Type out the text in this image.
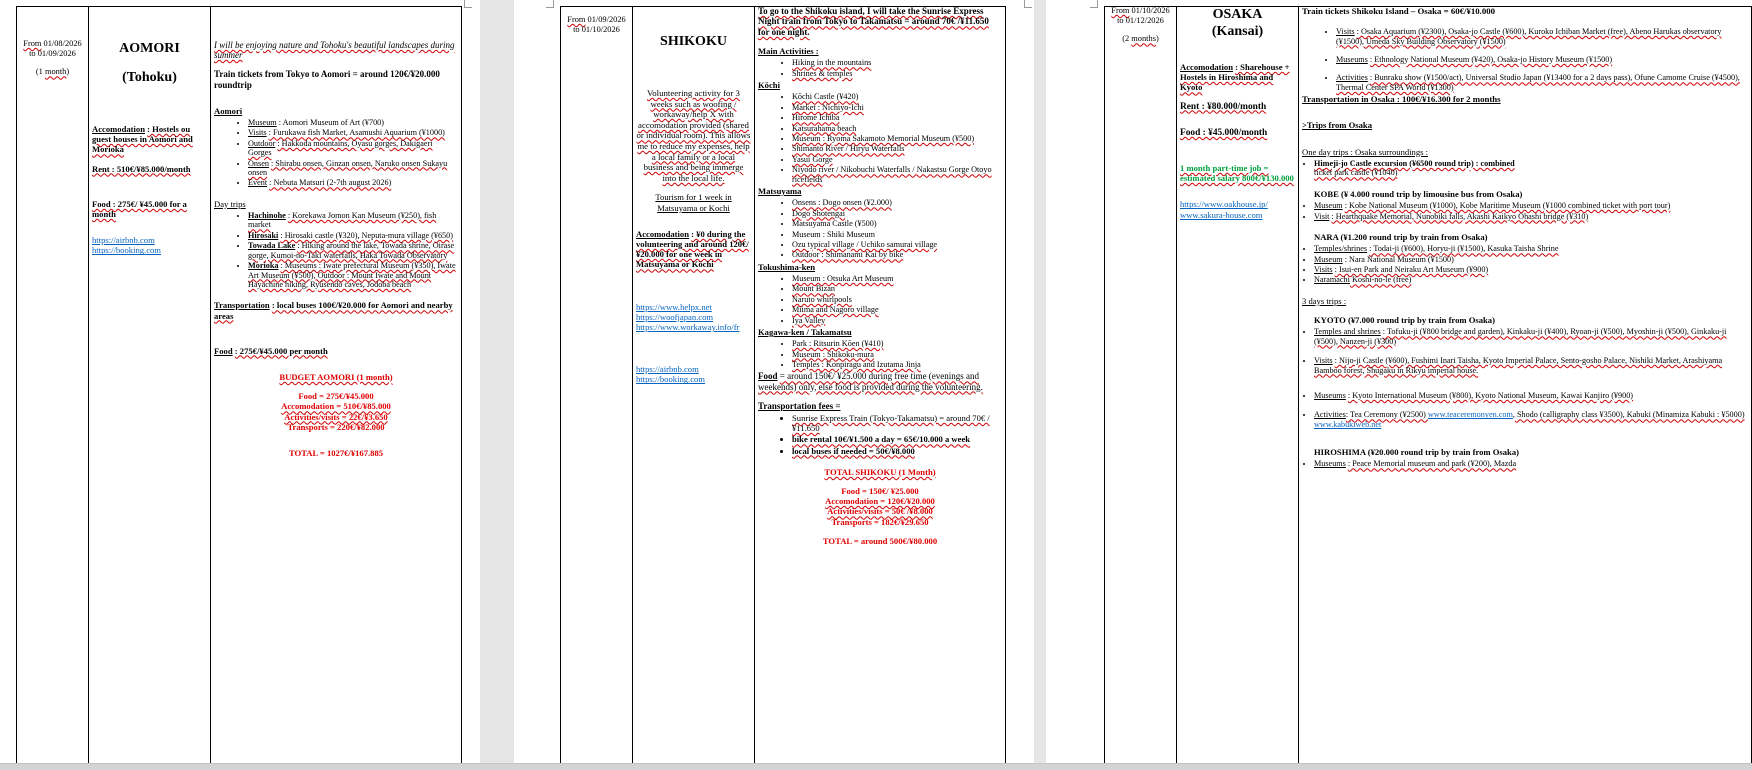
From 01/08/2026

to 01/09/2026

(1 month)

AOMORI
(Tohoku)

Accomodation : Hostels ou guest houses in Aomori and Morioka

Rent : 510€/¥85.000/month

Food : 275€/ ¥45.000 for a month

https://airbnb.com

https://booking.com

I will be enjoying nature and Tohoku's beautiful landscapes during summer

Train tickets from Tokyo to Aomori = around 120€/¥20.000 roundtrip

Aomori

• Museum : Aomori Museum of Art (¥700)
• Visits : Furukawa fish Market, Asamushi Aquarium (¥1000)
• Outdoor : Hakkoda mountains, Oyasu gorges, Dakigaeri Gorges
• Onsen : Shirabu onsen, Ginzan onsen, Naruko onsen Sukayu onsen
• Event : Nebuta Matsuri (2-7th august 2026)

Day trips

• Hachinohe : Korekawa Jomon Kan Museum (¥250), fish market
• Hirosaki : Hirosaki castle (¥320), Neputa-mura village (¥650)
• Towada Lake : Hiking around the lake, Towada shrine, Oirase gorge, Kumoi-no-Taki waterfalls, Haka Towada Observatory
• Morioka : Museums : Iwate prefectural Museum (¥350), Iwate Art Museum (¥500), Outdoor : Mount Iwate and Mount Hayachine hiking, Ryūsendō caves, Jodoba beach

Transportation : local buses 100€/¥20.000 for Aomori and nearby areas

Food : 275€/¥45.000 per month

BUDGET AOMORI (1 month)

Food = 275€/¥45.000

Accomodation = 510€/¥85.000

Activities/visits = 22€/¥3.650

Transports = 220€/¥82.000

TOTAL = 1027€/¥167.885

From 01/09/2026

to 01/10/2026

SHIKOKU

Volunteering activity for 3 weeks such as woofing / workaway/help X with accomodation provided (shared or individual room). This allows me to reduce my expenses, help a local family or a local business and being immerge into the local life.

Tourism for 1 week in Matsuyama or Kochi

Accomodation : ¥0 during the volunteering and around 120€/¥20.000 for one week in Matsuyama or Kōchi

https://www.helpx.net

https://woofjapan.com

https://www.workaway.info/fr

https://airbnb.com

https://booking.com

To go to the Shikoku island, I will take the Sunrise Express Night train from Tokyo to Takamatsu = around 70€ /¥11.650 for one night.

Main Activities :

• Hiking in the mountains
• Shrines & temples

Kōchi

• Kōchi Castle (¥420)
• Market : Nichiyo-Ichi
• Hirome Ichiba
• Katsurahama beach
• Museum : Ryoma Sakamoto Memorial Museum (¥500)
• Shimanto River / Hiryu Waterfalls
• Yasui Gorge
• Niyodo river / Nikobuchi Waterfalls / Nakastsu Gorge Otoyo ricefields

Matsuyama

• Onsens : Dogo onsen (¥2.000)
• Dogo Shotengai
• Matsuyama Castle (¥500)
• Museum : Shiki Museum
• Ozu typical village / Uchiko samurai village
• Outdoor : Shimanami Kai by bike

Tokushima-ken

• Museum : Otsuka Art Museum
• Mount Bizan
• Naruto whirlpools
• Miima and Nagoro village
• Iya Valley

Kagawa-ken / Takamatsu

• Park : Ritsurin Kōen (¥410)
• Museum : Shikoku-mura
• Temples : Konpiragu and Izutama Jinja

Food = around 150€/ ¥25.000 during free time (evenings and weekends) only, else food is provided during the volunteering.

Transportation fees =

• Sunrise Express Train (Tokyo-Takamatsu) = around 70€ /¥11.650
• bike rental 10€/¥1.500 a day = 65€/10.000 a week
• local buses if needed = 50€/¥8.000

TOTAL SHIKOKU (1 Month)

Food = 150€/ ¥25.000

Accomodation = 120€/¥20.000

Activities/visits = 50€ /¥8.000

Transports = 182€/¥29.650

TOTAL = around 500€/¥80.000

From 01/10/2026

to 01/12/2026

(2 months)

OSAKA
(Kansai)

Accomodation : Sharehouse + Hostels in Hiroshima and Kyoto

Rent : ¥80.000/month

Food : ¥45.000/month

1 month part-time job = estimated salary 800€/¥130.000

https://www.oakhouse.jp/

www.sakura-house.com

Train tickets Shikoku Island – Osaka = 60€/¥10.000

• Visits : Osaka Aquarium (¥2300), Osaka-jo Castle (¥600), Kuroko Ichiban Market (free), Abeno Harukas observatory (¥1500), Umeda Sky Building Observatory (¥1500)
• Museums : Ethnology National Museum (¥420), Osaka-jo History Museum (¥1500)
• Activities : Bunraku show (¥1500/act), Universal Studio Japan (¥13400 for a 2 days pass), Ofune Camome Cruise (¥4500), Thermal Center SPA World (¥1300)

Transportation in Osaka : 100€/¥16.300 for 2 months

>Trips from Osaka

One day trips : Osaka surroundings :

• Himeji-jo Castle excursion (¥6500 round trip) : combined
ticket park castle (¥1040)

KOBE (¥ 4.000 round trip by limousine bus from Osaka)

• Museum : Kobe National Museum (¥1000), Kobe Maritime Museum (¥1000 combined ticket with port tour)
• Visit : Hearthquake Memorial, Nunobiki falls, Akashi Kaikyo Ohashi bridge (¥310)

NARA (¥1.200 round trip by train from Osaka)

• Temples/shrines : Todai-ji (¥600), Horyu-ji (¥1500), Kasuka Taisha Shrine
• Museum : Nara National Museum (¥1500)
• Visits : Isui-en Park and Neiraku Art Museum (¥900)
• Naramachi Koshi-no-le (free)

3 days trips :

KYOTO (¥7.000 round trip by train from Osaka)

• Temples and shrines : Tofuku-ji (¥800 bridge and garden), Kinkaku-ji (¥400), Ryoan-ji (¥500), Myoshin-ji (¥500), Ginkaku-ji (¥500), Nanzen-ji (¥300)
• Visits : Nijo-ji Castle (¥600), Fushimi Inari Taisha, Kyoto Imperial Palace, Sento-gosho Palace, Nishiki Market, Arashiyama Bamboo forest, Shugaku in Rikyu imperial house.
• Museums : Kyoto International Museum (¥800), Kyoto National Museum, Kawai Kanjiro (¥900)
• Activities: Tea Ceremony (¥2500) www.teaceremonyen.com, Shodo (calligraphy class ¥3500), Kabuki (Minamiza Kabuki : ¥5000) www.kabukiweb.net

HIROSHIMA (¥20.000 round trip by train from Osaka)

• Museums : Peace Memorial museum and park (¥200), Mazda
